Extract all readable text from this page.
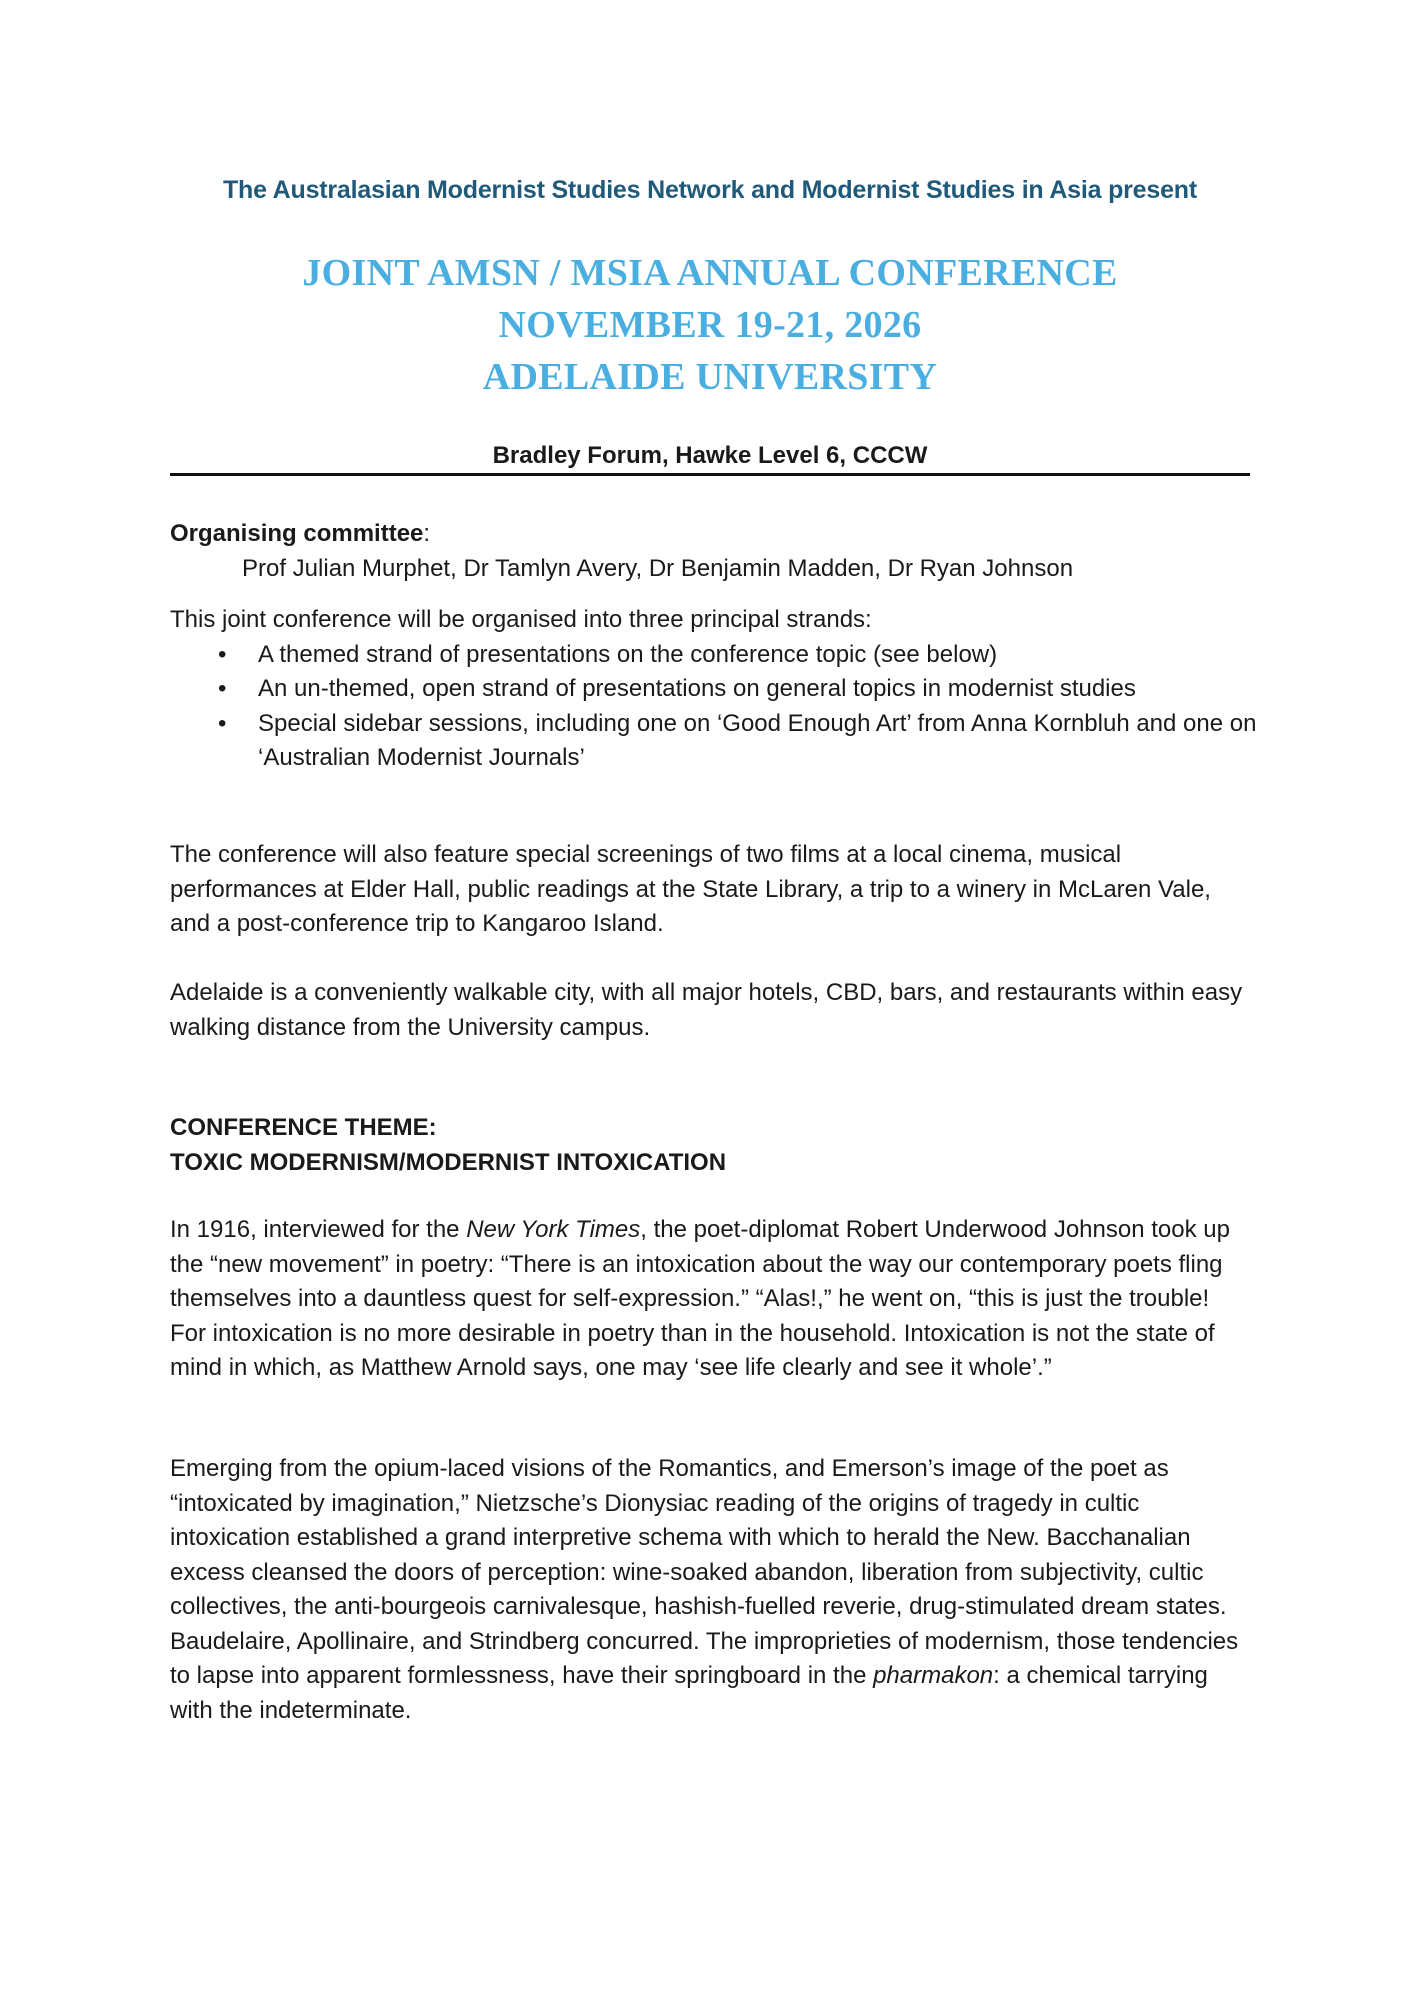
The Australasian Modernist Studies Network and Modernist Studies in Asia present
JOINT AMSN / MSIA ANNUAL CONFERENCE
NOVEMBER 19-21, 2026
ADELAIDE UNIVERSITY
Bradley Forum, Hawke Level 6, CCCW
Organising committee:
Prof Julian Murphet, Dr Tamlyn Avery, Dr Benjamin Madden, Dr Ryan Johnson
This joint conference will be organised into three principal strands:
• A themed strand of presentations on the conference topic (see below)
• An un-themed, open strand of presentations on general topics in modernist studies
• Special sidebar sessions, including one on ‘Good Enough Art’ from Anna Kornbluh and one on ‘Australian Modernist Journals’
The conference will also feature special screenings of two films at a local cinema, musical performances at Elder Hall, public readings at the State Library, a trip to a winery in McLaren Vale, and a post-conference trip to Kangaroo Island.
Adelaide is a conveniently walkable city, with all major hotels, CBD, bars, and restaurants within easy walking distance from the University campus.
CONFERENCE THEME:
TOXIC MODERNISM/MODERNIST INTOXICATION
In 1916, interviewed for the New York Times, the poet-diplomat Robert Underwood Johnson took up the “new movement” in poetry: “There is an intoxication about the way our contemporary poets fling themselves into a dauntless quest for self-expression.” “Alas!,” he went on, “this is just the trouble! For intoxication is no more desirable in poetry than in the household. Intoxication is not the state of mind in which, as Matthew Arnold says, one may ‘see life clearly and see it whole’.”
Emerging from the opium-laced visions of the Romantics, and Emerson’s image of the poet as “intoxicated by imagination,” Nietzsche’s Dionysiac reading of the origins of tragedy in cultic intoxication established a grand interpretive schema with which to herald the New. Bacchanalian excess cleansed the doors of perception: wine-soaked abandon, liberation from subjectivity, cultic collectives, the anti-bourgeois carnivalesque, hashish-fuelled reverie, drug-stimulated dream states. Baudelaire, Apollinaire, and Strindberg concurred. The improprieties of modernism, those tendencies to lapse into apparent formlessness, have their springboard in the pharmakon: a chemical tarrying with the indeterminate.
